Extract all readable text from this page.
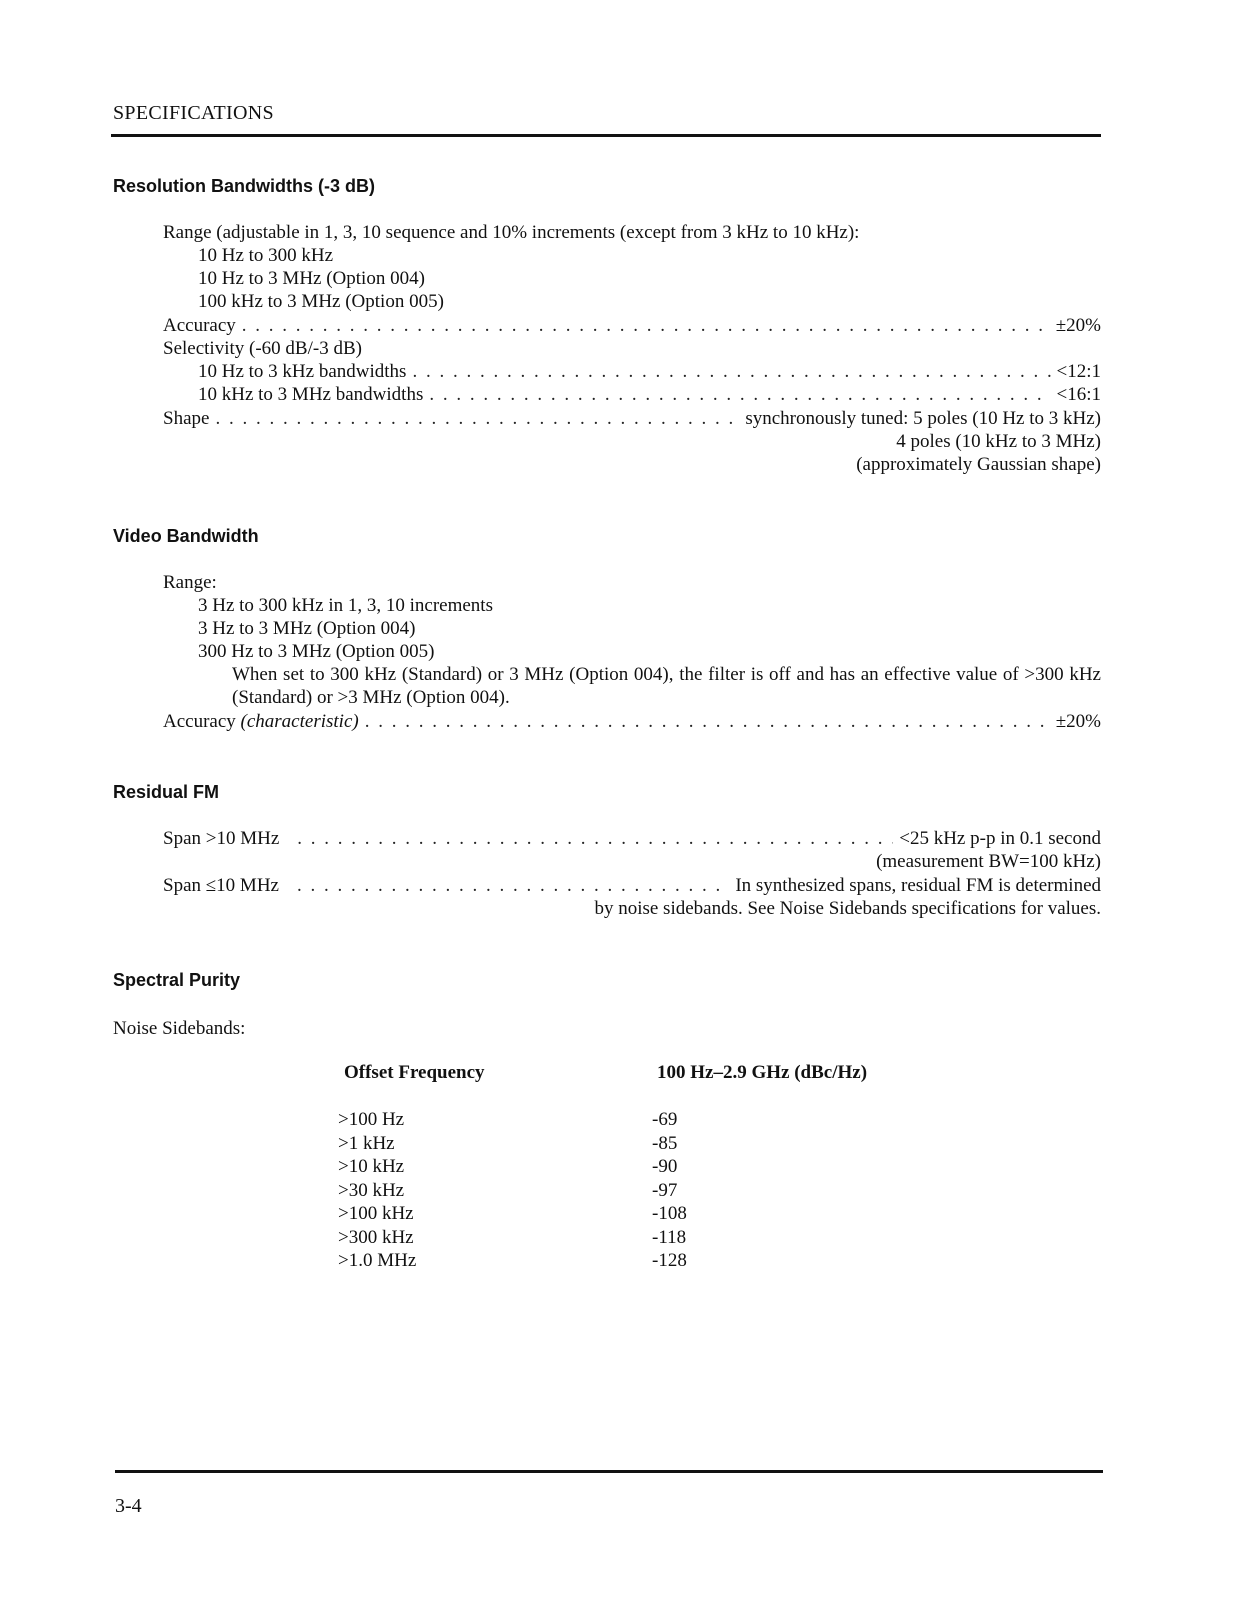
SPECIFICATIONS
Resolution Bandwidths (-3 dB)
Range (adjustable in 1, 3, 10 sequence and 10% increments (except from 3 kHz to 10 kHz):
10 Hz to 300 kHz
10 Hz to 3 MHz (Option 004)
100 kHz to 3 MHz (Option 005)
Accuracy . . .	±20%
Selectivity (-60 dB/-3 dB)
10 Hz to 3 kHz bandwidths . . .	<12:1
10 kHz to 3 MHz bandwidths . . .	<16:1
Shape . . .	synchronously tuned: 5 poles (10 Hz to 3 kHz)
4 poles (10 kHz to 3 MHz)
(approximately Gaussian shape)
Video Bandwidth
Range:
3 Hz to 300 kHz in 1, 3, 10 increments
3 Hz to 3 MHz (Option 004)
300 Hz to 3 MHz (Option 005)
When set to 300 kHz (Standard) or 3 MHz (Option 004), the filter is off and has an effective value of >300 kHz (Standard) or >3 MHz (Option 004).
Accuracy (characteristic) . . .	±20%
Residual FM
Span >10 MHz . . .	<25 kHz p-p in 0.1 second
(measurement BW=100 kHz)
Span ≤10 MHz . . .	In synthesized spans, residual FM is determined
by noise sidebands. See Noise Sidebands specifications for values.
Spectral Purity
Noise Sidebands:
Offset Frequency	100 Hz–2.9 GHz (dBc/Hz)
>100 Hz	-69
>1 kHz	-85
>10 kHz	-90
>30 kHz	-97
>100 kHz	-108
>300 kHz	-118
>1.0 MHz	-128
3-4
